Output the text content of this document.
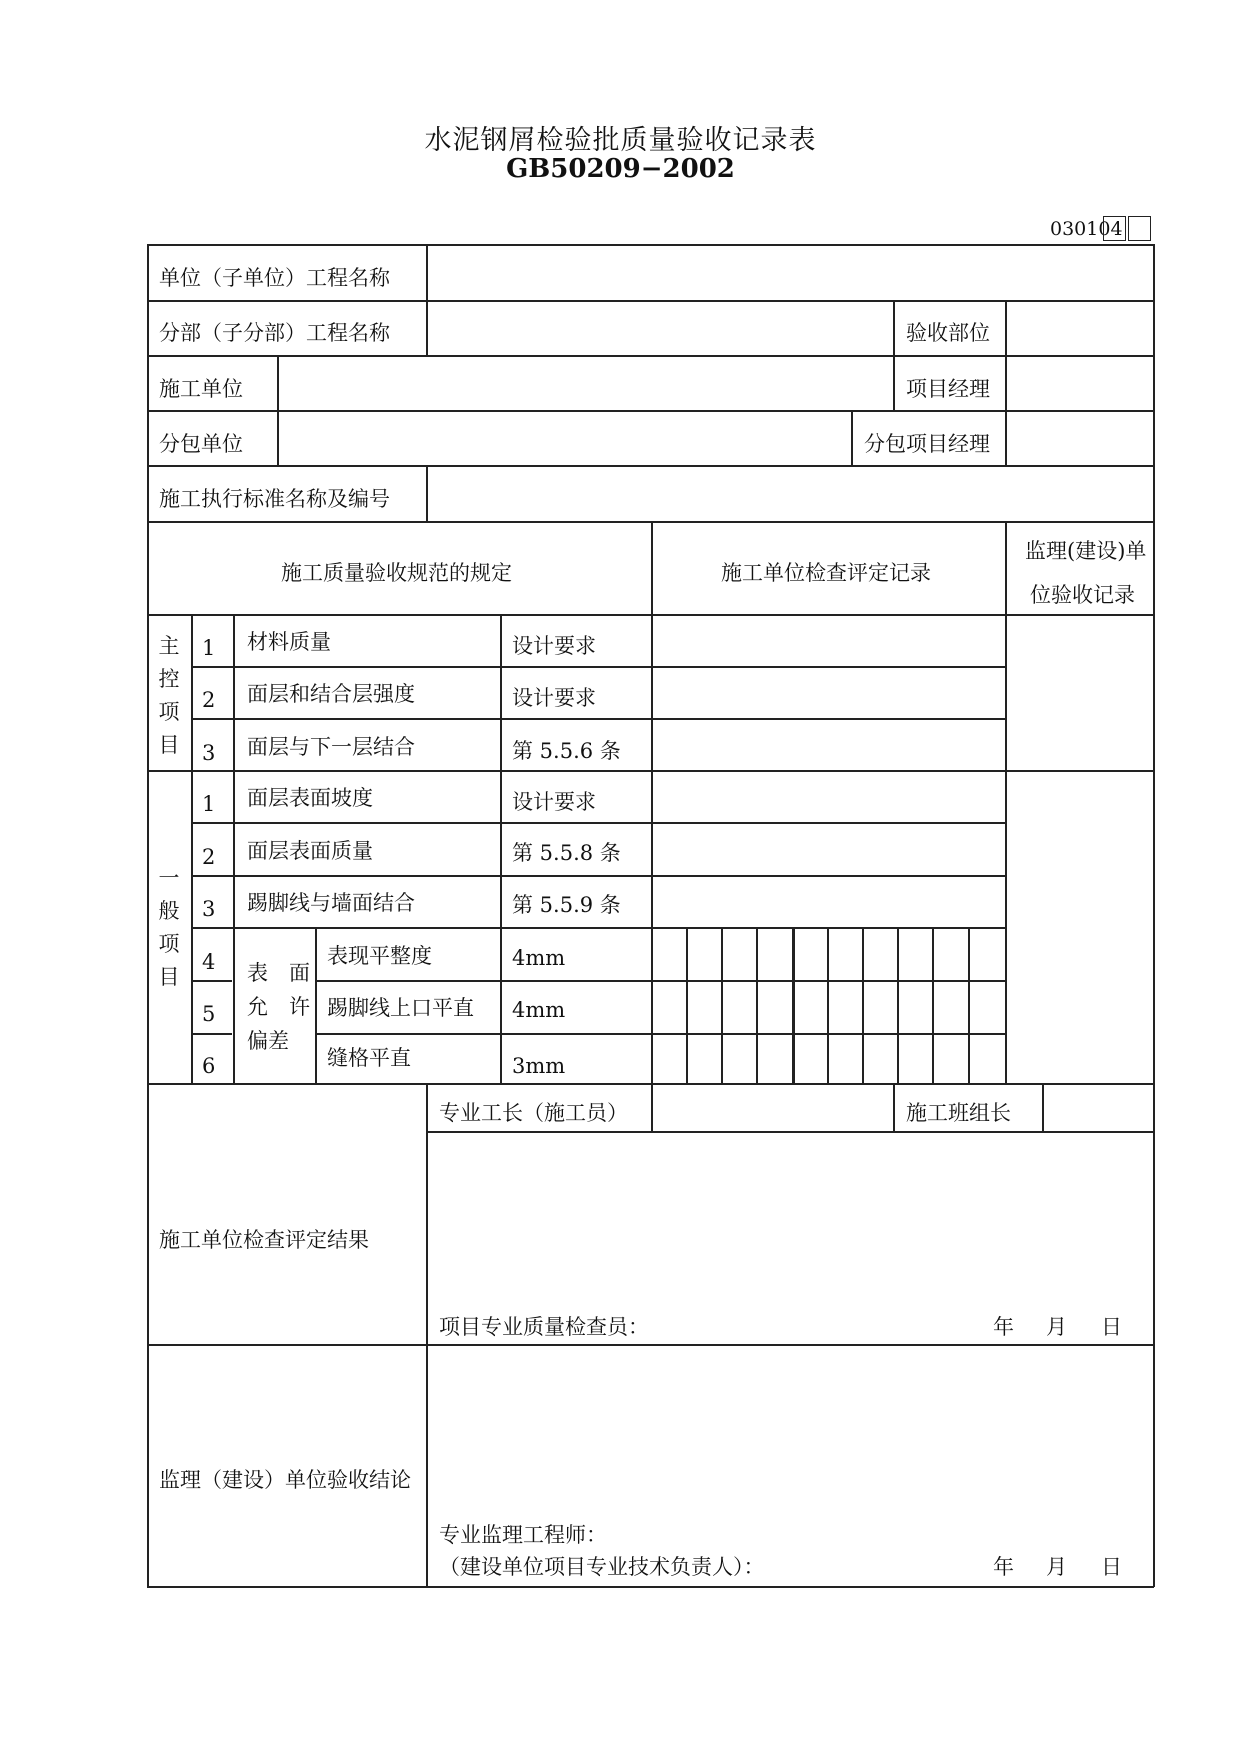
水泥钢屑检验批质量验收记录表
GB50209−2002
030104
单位（子单位）工程名称
分部（子分部）工程名称	验收部位
施工单位	项目经理
分包单位	分包项目经理
施工执行标准名称及编号
施工质量验收规范的规定	施工单位检查评定记录
监理(建设)单
位验收记录
主控项目
1 材料质量	设计要求
2 面层和结合层强度	设计要求
3 面层与下一层结合	第 5.5.6 条
一般项目
1 面层表面坡度	设计要求
2 面层表面质量	第 5.5.8 条
3 踢脚线与墙面结合	第 5.5.9 条
表　面
允　许
偏差
4	表现平整度	4mm
5	踢脚线上口平直 4mm
6	缝格平直	3mm
专业工长（施工员）	施工班组长
施工单位检查评定结果
项目专业质量检查员：	年 月 日
监理（建设）单位验收结论
专业监理工程师：
（建设单位项目专业技术负责人）：	年 月 日
